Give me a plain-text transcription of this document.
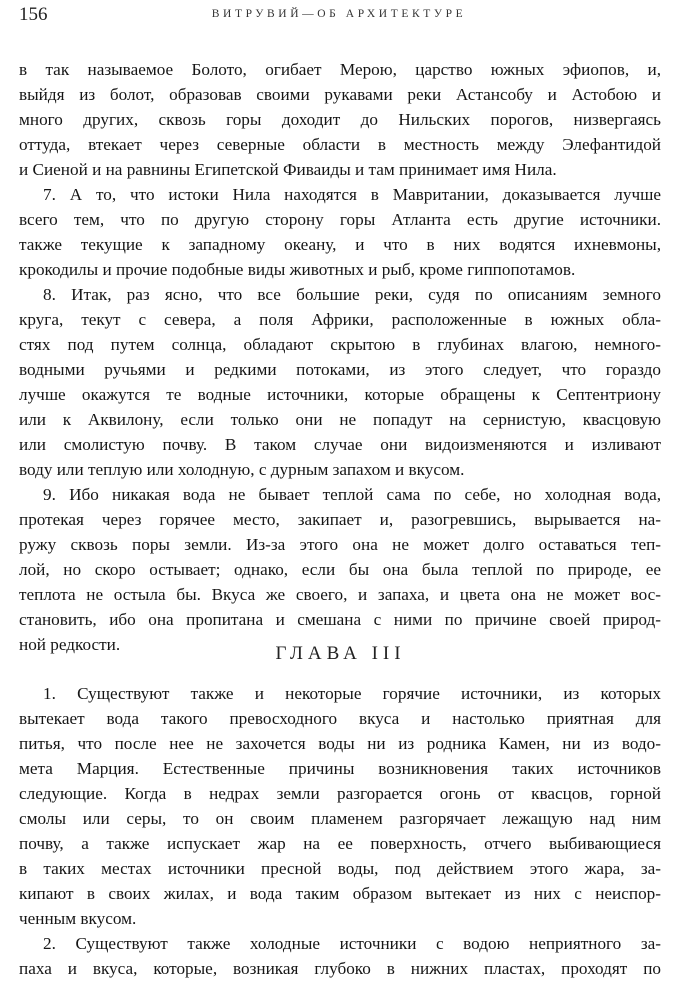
156	ВИТРУВИЙ—ОБ АРХИТЕКТУРЕ
в так называемое Болото, огибает Мерою, царство южных эфиопов, и,
выйдя из болот, образовав своими рукавами реки Астансобу и Астобою и
много других, сквозь горы доходит до Нильских порогов, низвергаясь
оттуда, втекает через северные области в местность между Элефантидой
и Сиеной и на равнины Египетской Фиваиды и там принимает имя Нила.
7. А то, что истоки Нила находятся в Мавритании, доказывается лучше
всего тем, что по другую сторону горы Атланта есть другие источники.
также текущие к западному океану, и что в них водятся ихневмоны,
крокодилы и прочие подобные виды животных и рыб, кроме гиппопотамов.
8. Итак, раз ясно, что все большие реки, судя по описаниям земного
круга, текут с севера, а поля Африки, расположенные в южных обла-
стях под путем солнца, обладают скрытою в глубинах влагою, немного-
водными ручьями и редкими потоками, из этого следует, что гораздо
лучше окажутся те водные источники, которые обращены к Септентриону
или к Аквилону, если только они не попадут на сернистую, квасцовую
или смолистую почву. В таком случае они видоизменяются и изливают
воду или теплую или холодную, с дурным запахом и вкусом.
9. Ибо никакая вода не бывает теплой сама по себе, но холодная вода,
протекая через горячее место, закипает и, разогревшись, вырывается на-
ружу сквозь поры земли. Из-за этого она не может долго оставаться теп-
лой, но скоро остывает; однако, если бы она была теплой по природе, ее
теплота не остыла бы. Вкуса же своего, и запаха, и цвета она не может вос-
становить, ибо она пропитана и смешана с ними по причине своей природ-
ной редкости.	ГЛАВА III
1. Существуют также и некоторые горячие источники, из которых
вытекает вода такого превосходного вкуса и настолько приятная для
питья, что после нее не захочется воды ни из родника Камен, ни из водо-
мета Марция. Естественные причины возникновения таких источников
следующие. Когда в недрах земли разгорается огонь от квасцов, горной
смолы или серы, то он своим пламенем разгорячает лежащую над ним
почву, а также испускает жар на ее поверхность, отчего выбивающиеся
в таких местах источники пресной воды, под действием этого жара, за-
кипают в своих жилах, и вода таким образом вытекает из них с неиспор-
ченным вкусом.
2. Существуют также холодные источники с водою неприятного за-
паха и вкуса, которые, возникая глубоко в нижних пластах, проходят по
